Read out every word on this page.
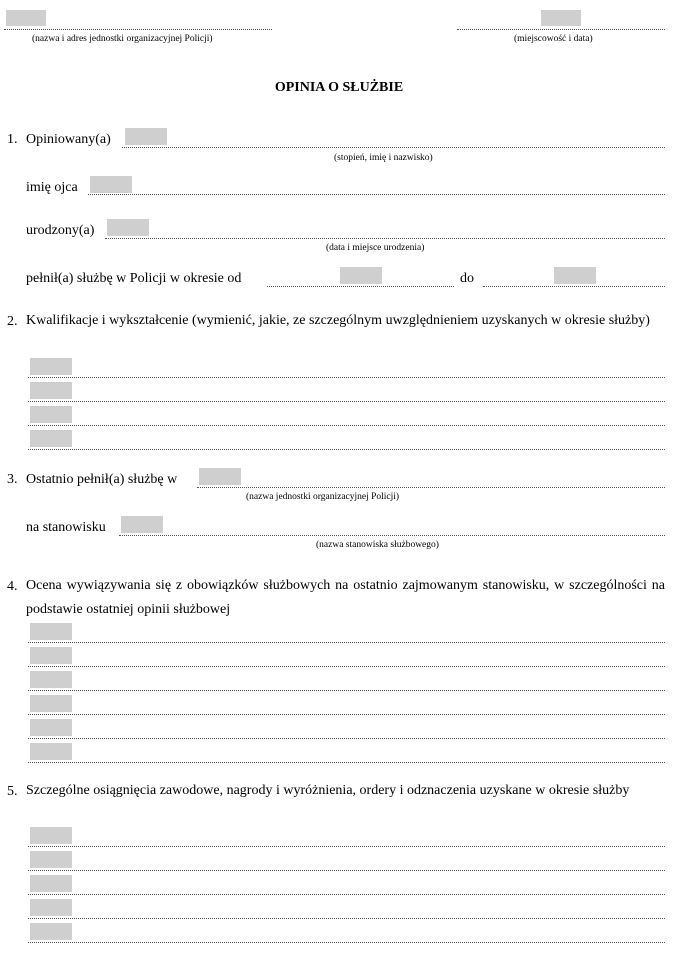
(nazwa i adres jednostki organizacyjnej Policji)	(miejscowość i data)
OPINIA O SŁUŻBIE
1. Opiniowany(a)
(stopień, imię i nazwisko)
imię ojca
urodzony(a)
(data i miejsce urodzenia)
pełnił(a) służbę w Policji w okresie od	do
2. Kwalifikacje i wykształcenie (wymienić, jakie, ze szczególnym uwzględnieniem uzyskanych w okresie służby)
3. Ostatnio pełnił(a) służbę w
(nazwa jednostki organizacyjnej Policji)
na stanowisku
(nazwa stanowiska służbowego)
4. Ocena wywiązywania się z obowiązków służbowych na ostatnio zajmowanym stanowisku, w szczególności na podstawie ostatniej opinii służbowej
5. Szczególne osiągnięcia zawodowe, nagrody i wyróżnienia, ordery i odznaczenia uzyskane w okresie służby
